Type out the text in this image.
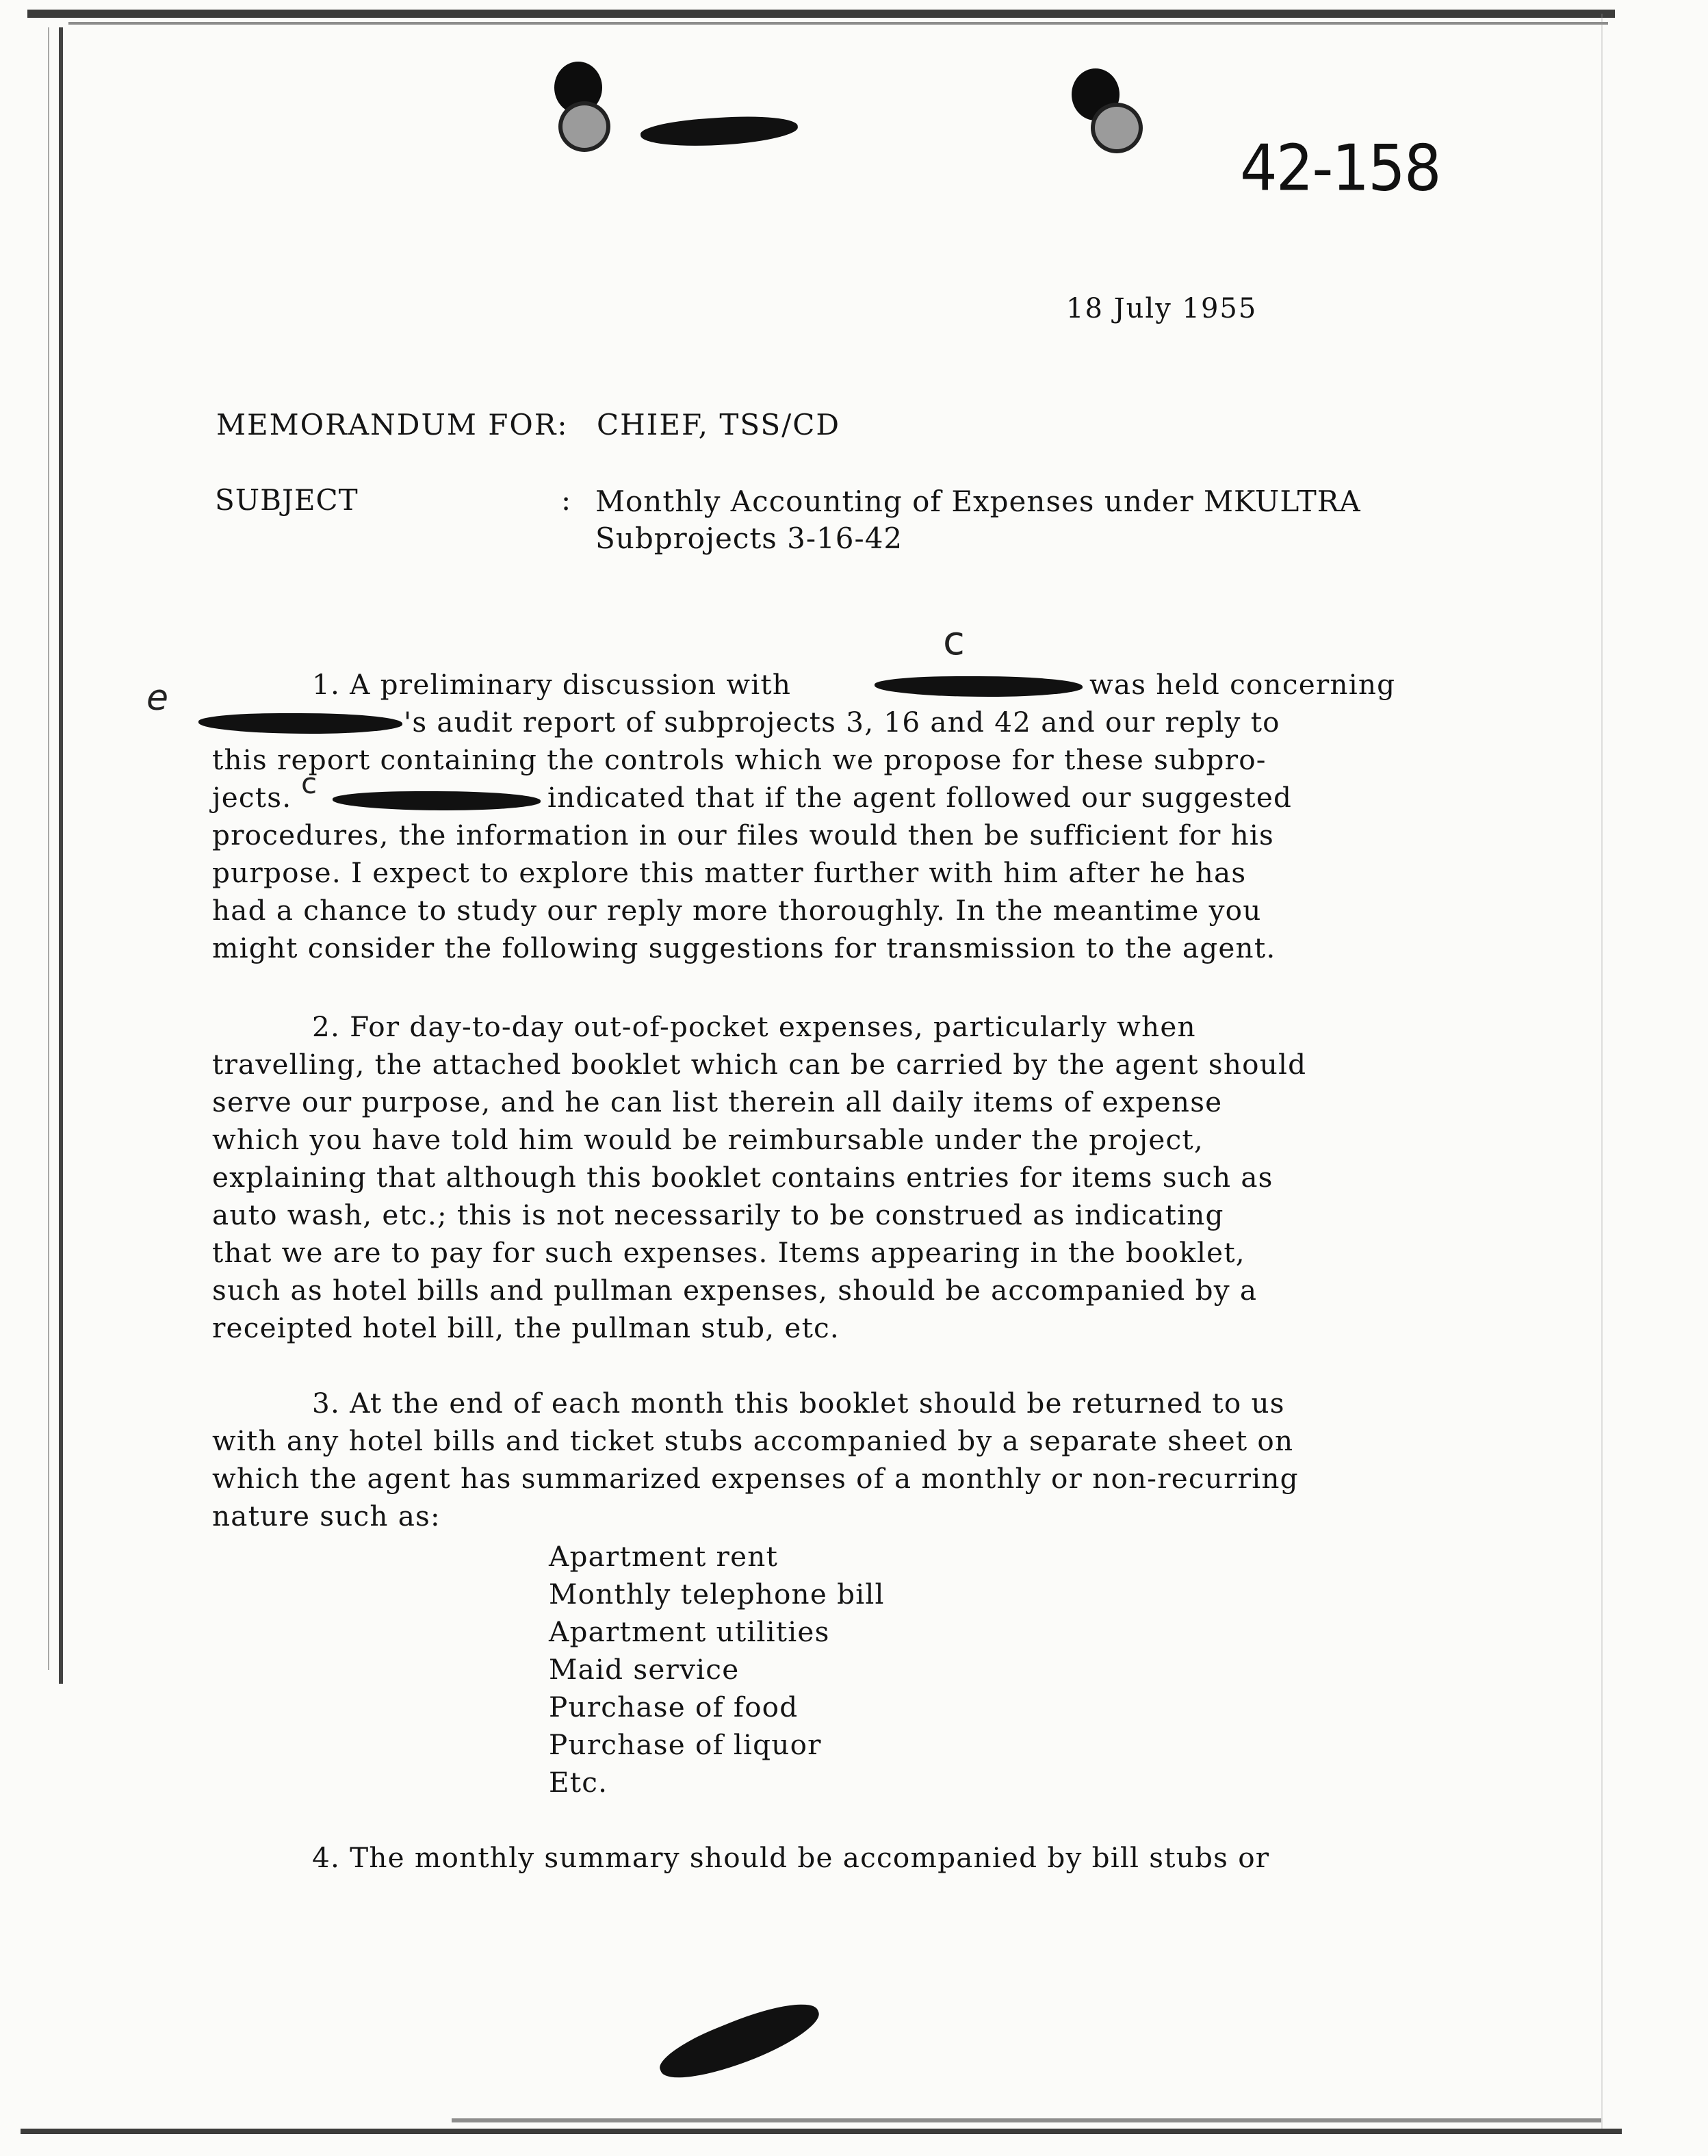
42-158
e
c
18 July 1955
MEMORANDUM FOR: CHIEF, TSS/CD
SUBJECT	: Monthly Accounting of Expenses under MKULTRA
Subprojects 3-16-42
1. A preliminary discussion with	was held concerning
's audit report of subprojects 3, 16 and 42 and our reply to
this report containing the controls which we propose for these subpro-
jects. c	indicated that if the agent followed our suggested
procedures, the information in our files would then be sufficient for his
purpose. I expect to explore this matter further with him after he has
had a chance to study our reply more thoroughly. In the meantime you
might consider the following suggestions for transmission to the agent.
2. For day-to-day out-of-pocket expenses, particularly when
travelling, the attached booklet which can be carried by the agent should
serve our purpose, and he can list therein all daily items of expense
which you have told him would be reimbursable under the project,
explaining that although this booklet contains entries for items such as
auto wash, etc.; this is not necessarily to be construed as indicating
that we are to pay for such expenses. Items appearing in the booklet,
such as hotel bills and pullman expenses, should be accompanied by a
receipted hotel bill, the pullman stub, etc.
3. At the end of each month this booklet should be returned to us
with any hotel bills and ticket stubs accompanied by a separate sheet on
which the agent has summarized expenses of a monthly or non-recurring
nature such as:
Apartment rent
Monthly telephone bill
Apartment utilities
Maid service
Purchase of food
Purchase of liquor
Etc.
4. The monthly summary should be accompanied by bill stubs or
